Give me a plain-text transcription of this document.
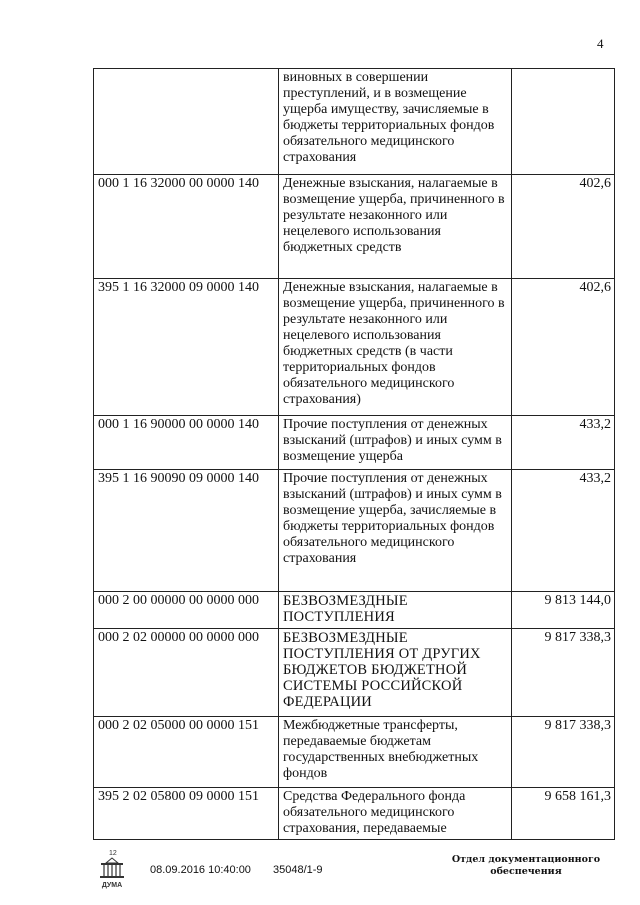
4
	виновных в совершении преступлений, и в возмещение ущерба имуществу, зачисляемые в бюджеты территориальных фондов обязательного медицинского страхования	
000 1 16 32000 00 0000 140	Денежные взыскания, налагаемые в возмещение ущерба, причиненного в результате незаконного или нецелевого использования бюджетных средств	402,6
395 1 16 32000 09 0000 140	Денежные взыскания, налагаемые в возмещение ущерба, причиненного в результате незаконного или нецелевого использования бюджетных средств (в части территориальных фондов обязательного медицинского страхования)	402,6
000 1 16 90000 00 0000 140	Прочие поступления от денежных взысканий (штрафов) и иных сумм в возмещение ущерба	433,2
395 1 16 90090 09 0000 140	Прочие поступления от денежных взысканий (штрафов) и иных сумм в возмещение ущерба, зачисляемые в бюджеты территориальных фондов обязательного медицинского страхования	433,2
000 2 00 00000 00 0000 000	БЕЗВОЗМЕЗДНЫЕ ПОСТУПЛЕНИЯ	9 813 144,0
000 2 02 00000 00 0000 000	БЕЗВОЗМЕЗДНЫЕ ПОСТУПЛЕНИЯ ОТ ДРУГИХ БЮДЖЕТОВ БЮДЖЕТНОЙ СИСТЕМЫ РОССИЙСКОЙ ФЕДЕРАЦИИ	9 817 338,3
000 2 02 05000 00 0000 151	Межбюджетные трансферты, передаваемые бюджетам государственных внебюджетных фондов	9 817 338,3
395 2 02 05800 09 0000 151	Средства Федерального фонда обязательного медицинского страхования, передаваемые	9 658 161,3
12
ДУМА
08.09.2016 10:40:00 35048/1-9
Отдел документационного
обеспечения
